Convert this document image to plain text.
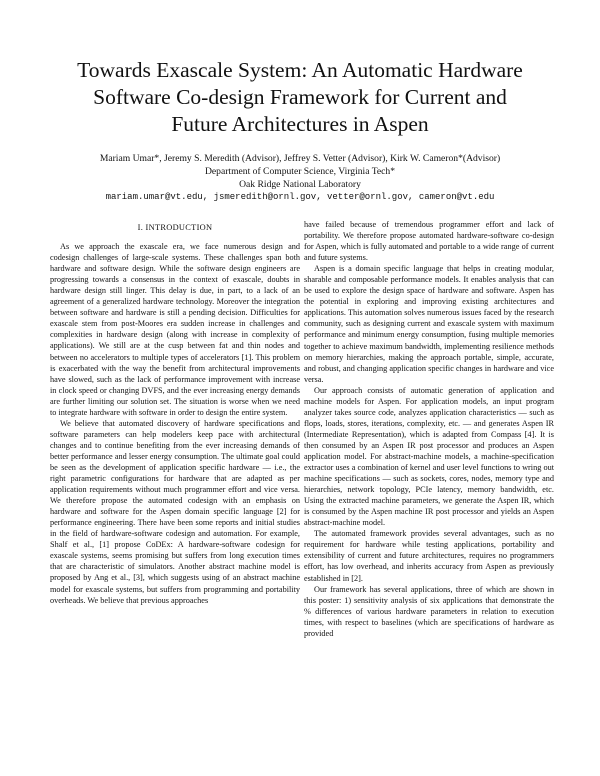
Towards Exascale System: An Automatic Hardware
Software Co-design Framework for Current and
Future Architectures in Aspen
Mariam Umar*, Jeremy S. Meredith (Advisor), Jeffrey S. Vetter (Advisor), Kirk W. Cameron*(Advisor)
Department of Computer Science, Virginia Tech*
Oak Ridge National Laboratory
mariam.umar@vt.edu, jsmeredith@ornl.gov, vetter@ornl.gov, cameron@vt.edu
I. INTRODUCTION

As we approach the exascale era, we face numerous design and codesign challenges of large-scale systems. These challenges span both hardware and software design. While the software design engineers are progressing towards a consensus in the context of exascale, doubts in hardware design still linger. This delay is due, in part, to a lack of an agreement of a generalized hardware technology. Moreover the integration between software and hardware is still a pending decision. Difficulties for exascale stem from post-Moores era sudden increase in challenges and complexities in hardware design (along with increase in complexity of applications). We still are at the cusp between fat and thin nodes and between no accelerators to multiple types of accelerators [1]. This problem is exacerbated with the way the benefit from architectural improvements have slowed, such as the lack of performance improvement with increase in clock speed or changing DVFS, and the ever increasing energy demands are further limiting our solution set. The situation is worse when we need to integrate hardware with software in order to design the entire system.

We believe that automated discovery of hardware specifications and software parameters can help modelers keep pace with architectural changes and to continue benefiting from the ever increasing demands of better performance and lesser energy consumption. The ultimate goal could be seen as the development of application specific hardware — i.e., the right parametric configurations for hardware that are adapted as per application requirements without much programmer effort and vice versa. We therefore propose the automated codesign with an emphasis on hardware and software for the Aspen domain specific language [2] for performance engineering. There have been some reports and initial studies in the field of hardware-software codesign and automation. For example, Shalf et al., [1] propose CoDEx: A hardware-software codesign for exascale systems, seems promising but suffers from long execution times that are characteristic of simulators. Another abstract machine model is proposed by Ang et al., [3], which suggests using of an abstract machine model for exascale systems, but suffers from programming and portability overheads. We believe that previous approaches

have failed because of tremendous programmer effort and lack of portability. We therefore propose automated hardware-software co-design for Aspen, which is fully automated and portable to a wide range of current and future systems.

Aspen is a domain specific language that helps in creating modular, sharable and composable performance models. It enables analysis that can be used to explore the design space of hardware and software. Aspen has the potential in exploring and improving existing architectures and applications. This automation solves numerous issues faced by the research community, such as designing current and exascale system with maximum performance and minimum energy consumption, fusing multiple memories together to achieve maximum bandwidth, implementing resilience methods on memory hierarchies, making the approach portable, simple, accurate, and robust, and changing application specific changes in hardware and vice versa.

Our approach consists of automatic generation of application and machine models for Aspen. For application models, an input program analyzer takes source code, analyzes application characteristics — such as flops, loads, stores, iterations, complexity, etc. — and generates Aspen IR (Intermediate Representation), which is adapted from Compass [4]. It is then consumed by an Aspen IR post processor and produces an Aspen application model. For abstract-machine models, a machine-specification extractor uses a combination of kernel and user level functions to wring out machine specifications — such as sockets, cores, nodes, memory type and hierarchies, network topology, PCIe latency, memory bandwidth, etc. Using the extracted machine parameters, we generate the Aspen IR, which is consumed by the Aspen machine IR post processor and yields an Aspen abstract-machine model.

The automated framework provides several advantages, such as no requirement for hardware while testing applications, portability and extensibility of current and future architectures, requires no programmers effort, has low overhead, and inherits accuracy from Aspen as previously established in [2].

Our framework has several applications, three of which are shown in this poster: 1) sensitivity analysis of six applications that demonstrate the % differences of various hardware parameters in relation to execution times, with respect to baselines (which are specifications of hardware as provided
